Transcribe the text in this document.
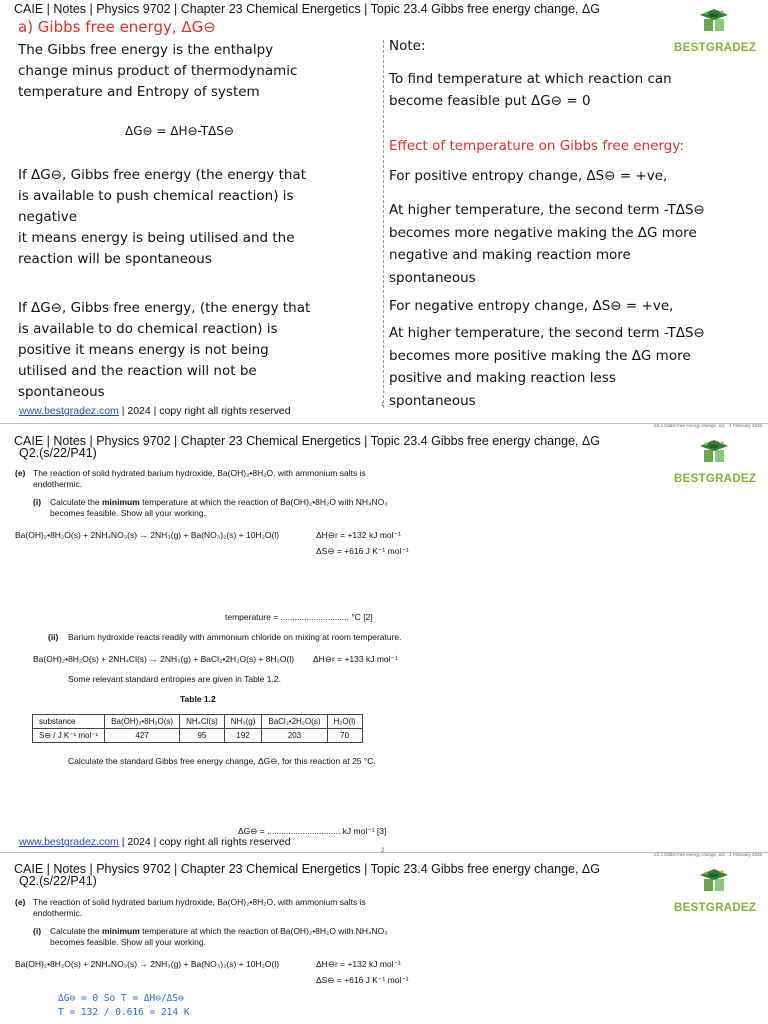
CAIE | Notes | Physics 9702 | Chapter 23 Chemical Energetics | Topic 23.4 Gibbs free energy change, ΔG
BESTGRADEZ
a) Gibbs free energy, ΔG⊖
The Gibbs free energy is the enthalpy
change minus product of thermodynamic
temperature and Entropy of system
ΔG⊖ = ΔH⊖-TΔS⊖
If ΔG⊖, Gibbs free energy (the energy that
is available to push chemical reaction) is
negative
it means energy is being utilised and the
reaction will be spontaneous
If ΔG⊖, Gibbs free energy, (the energy that
is available to do chemical reaction) is
positive it means energy is not being
utilised and the reaction will not be
spontaneous
Note:
To find temperature at which reaction can
become feasible put ΔG⊖ = 0
Effect of temperature on Gibbs free energy:
For positive entropy change, ΔS⊖ = +ve,
At higher temperature, the second term -TΔS⊖
becomes more negative making the ΔG more
negative and making reaction more
spontaneous
For negative entropy change, ΔS⊖ = +ve,
At higher temperature, the second term -TΔS⊖
becomes more positive making the ΔG more
positive and making reaction less
spontaneous
www.bestgradez.com | 2024 | copy right all rights reserved	1
23.4 Gibbs free energy change, ΔG - 2 February 2025
CAIE | Notes | Physics 9702 | Chapter 23 Chemical Energetics | Topic 23.4 Gibbs free energy change, ΔG
Q2.(s/22/P41)
BESTGRADEZ
(e) The reaction of solid hydrated barium hydroxide, Ba(OH)₂•8H₂O, with ammonium salts is
endothermic.
(i) Calculate the minimum temperature at which the reaction of Ba(OH)₂•8H₂O with NH₄NO₃
becomes feasible. Show all your working.
Ba(OH)₂•8H₂O(s) + 2NH₄NO₃(s) → 2NH₃(g) + Ba(NO₃)₂(s) + 10H₂O(l)	ΔH⊖r = +132 kJ mol⁻¹
ΔS⊖ = +616 J K⁻¹ mol⁻¹
temperature = ............................. °C [2]
(ii) Barium hydroxide reacts readily with ammonium chloride on mixing at room temperature.
Ba(OH)₂•8H₂O(s) + 2NH₄Cl(s) → 2NH₃(g) + BaCl₂•2H₂O(s) + 8H₂O(l) ΔH⊖r = +133 kJ mol⁻¹
Some relevant standard entropies are given in Table 1.2.
Table 1.2
substance	Ba(OH)₂•8H₂O(s)	NH₄Cl(s)	NH₃(g)	BaCl₂•2H₂O(s)	H₂O(l)
S⊖ / J K⁻¹ mol⁻¹	427	95	192	203	70
Calculate the standard Gibbs free energy change, ΔG⊖, for this reaction at 25 °C.
ΔG⊖ = ............................... kJ mol⁻¹ [3]
www.bestgradez.com | 2024 | copy right all rights reserved
2
23.4 Gibbs free energy change, ΔG - 2 February 2025
CAIE | Notes | Physics 9702 | Chapter 23 Chemical Energetics | Topic 23.4 Gibbs free energy change, ΔG
Q2.(s/22/P41)
BESTGRADEZ
(e) The reaction of solid hydrated barium hydroxide, Ba(OH)₂•8H₂O, with ammonium salts is
endothermic.
(i) Calculate the minimum temperature at which the reaction of Ba(OH)₂•8H₂O with NH₄NO₃
becomes feasible. Show all your working.
Ba(OH)₂•8H₂O(s) + 2NH₄NO₃(s) → 2NH₃(g) + Ba(NO₃)₂(s) + 10H₂O(l)	ΔH⊖r = +132 kJ mol⁻¹
ΔS⊖ = +616 J K⁻¹ mol⁻¹
ΔG⊖ = 0 So T = ΔH⊖/ΔS⊖
T = 132 / 0.616 = 214 K
